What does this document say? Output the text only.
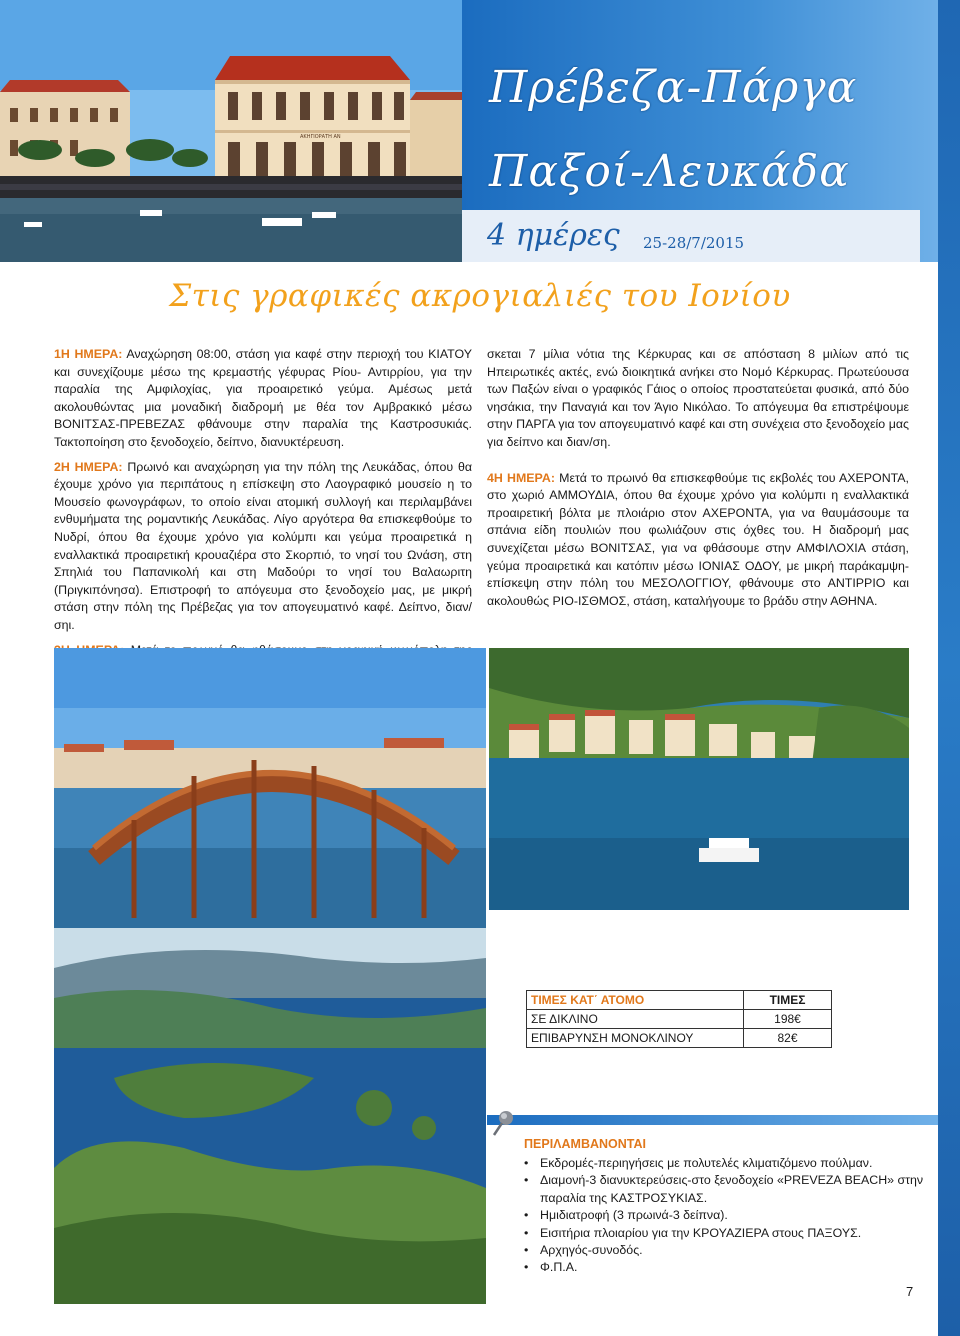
ΑΚΗΓΙΟΡΑΤΗ ΑΝ
Πρέβεζα-Πάργα
Παξοί-Λευκάδα
4 ημέρες 25-28/7/2015
Στις γραφικές ακρογιαλιές του Ιονίου

1Η ΗΜΕΡΑ: Αναχώρηση 08:00, στάση για καφέ στην περιοχή του ΚΙΑΤΟΥ και συνεχίζουμε μέσω της κρεμαστής γέφυρας Ρίου- Αντιρρίου, για την παραλία της Αμφιλοχίας, για προαιρετικό γεύμα. Αμέσως μετά ακολουθώντας μια μοναδική διαδρομή με θέα τον Αμβρακικό μέσω ΒΟΝΙΤΣΑΣ-ΠΡΕΒΕΖΑΣ φθάνουμε στην παραλία της Καστροσυκιάς. Τακτοποίηση στο ξενοδοχείο, δείπνο, διανυκτέρευση.

2Η ΗΜΕΡΑ: Πρωινό και αναχώρηση για την πόλη της Λευκάδας, όπου θα έχουμε χρόνο για περιπάτους η επίσκεψη στο Λαογραφικό μουσείο η το Μουσείο φωνογράφων, το οποίο είναι ατομική συλλογή και περιλαμβάνει ενθυμήματα της ρομαντικής Λευκάδας. Λίγο αργότερα θα επισκεφθούμε το Νυδρί, όπου θα έχουμε χρόνο για κολύμπι και γεύμα προαιρετικά η εναλλακτικά προαιρετική κρουαζιέρα στο Σκορπιό, το νησί του Ωνάση, στη Σπηλιά του Παπανικολή και στη Μαδούρι το νησί του Βαλαωριτη (Πριγκιπόνησα). Επιστροφή το απόγευμα στο ξενοδοχείο μας, με μικρή στάση στην πόλη της Πρέβεζας για τον απογευματινό καφέ. Δείπνο, διαν/σηι.

σκεται 7 μίλια νότια της Κέρκυρας και σε απόσταση 8 μιλίων από τις Ηπειρωτικές ακτές, ενώ διοικητικά ανήκει στο Νομό Κέρκυρας. Πρωτεύουσα των Παξών είναι ο γραφικός Γάιος ο οποίος προστατεύεται φυσικά, από δύο νησάκια, την Παναγιά και τον Άγιο Νικόλαο. Το απόγευμα θα επιστρέψουμε στην ΠΑΡΓΑ για τον απογευματινό καφέ και στη συνέχεια στο ξενοδοχείο μας για δείπνο και διαν/ση.

4Η ΗΜΕΡΑ: Μετά το πρωινό θα επισκεφθούμε τις εκβολές του ΑΧΕΡΟΝΤΑ, στο χωριό ΑΜΜΟΥΔΙΑ, όπου θα έχουμε χρόνο για κολύμπι η εναλλακτικά προαιρετική βόλτα με πλοιάριο στον ΑΧΕΡΟΝΤΑ, για να θαυμάσουμε τα σπάνια είδη πουλιών που φωλιάζουν στις όχθες του. Η διαδρομή μας συνεχίζεται μέσω ΒΟΝΙΤΣΑΣ, για να φθάσουμε στην ΑΜΦΙΛΟΧΙΑ στάση, γεύμα προαιρετικά και κατόπιν μέσω ΙΟΝΙΑΣ ΟΔΟΥ, με μικρή παράκαμψη-επίσκεψη στην πόλη του ΜΕΣΟΛΟΓΓΙΟΥ, φθάνουμε στο ΑΝΤΙΡΡΙΟ και ακολουθώς ΡΙΟ-ΙΣΘΜΟΣ, στάση, καταλήγουμε το βράδυ στην ΑΘΗΝΑ.

ΤΙΜΕΣ ΚΑΤ΄ ΑΤΟΜΟ	ΤΙΜΕΣ
ΣΕ ΔΙΚΛΙΝΟ	198€
ΕΠΙΒΑΡΥΝΣΗ ΜΟΝΟΚΛΙΝΟΥ	82€
ΠΕΡΙΛΑΜΒΑΝΟΝΤΑΙ
• Εκδρομές-περιηγήσεις με πολυτελές κλιματιζόμενο πούλμαν.
• Διαμονή-3 διανυκτερεύσεις-στο ξενοδοχείο «PREVEZA BEACH» στην παραλία της ΚΑΣΤΡΟΣΥΚΙΑΣ.
• Ημιδιατροφή (3 πρωινά-3 δείπνα).
• Εισιτήρια πλοιαρίου για την ΚΡΟΥΑΖΙΕΡΑ στους ΠΑΞΟΥΣ.
• Αρχηγός-συνοδός.
• Φ.Π.Α.
7
